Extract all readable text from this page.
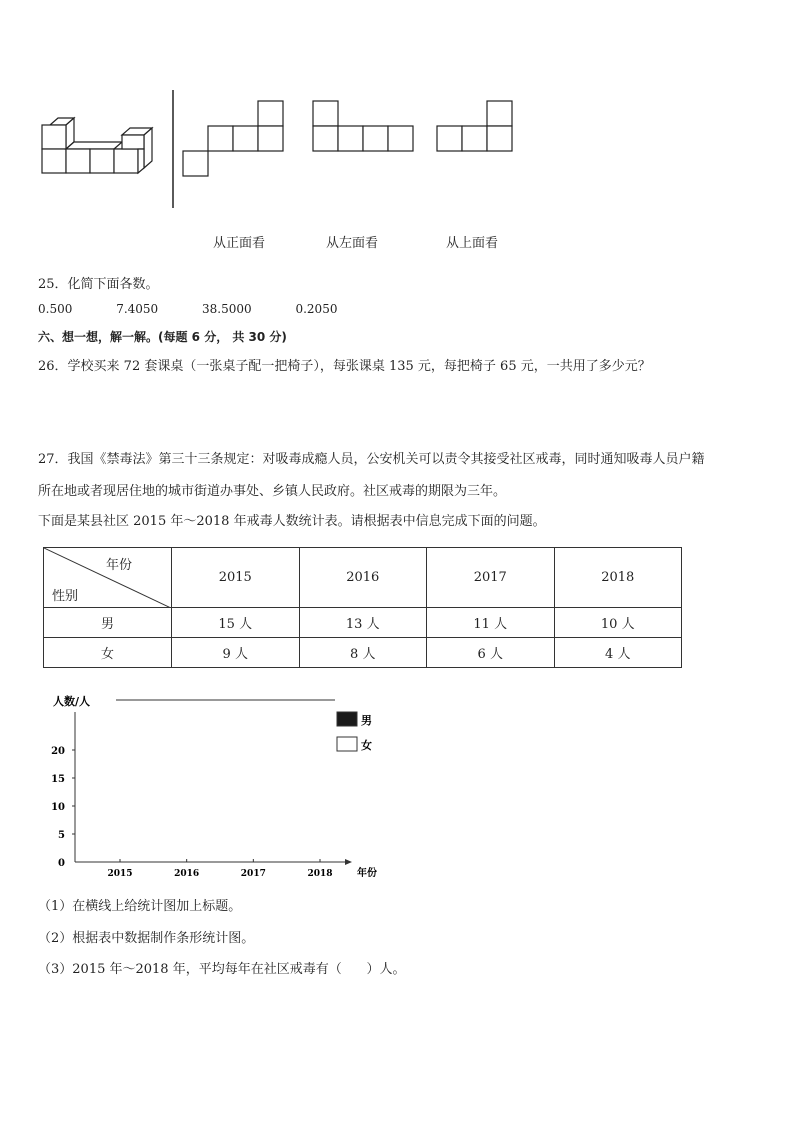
从正面看	从左面看	从上面看
25．化简下面各数。
0.500	7.4050	38.5000	0.2050
六、想一想，解一解。(每题 6 分， 共 30 分)
26．学校买来 72 套课桌（一张桌子配一把椅子），每张课桌 135 元，每把椅子 65 元，一共用了多少元？
27．我国《禁毒法》第三十三条规定：对吸毒成瘾人员，公安机关可以责令其接受社区戒毒，同时通知吸毒人员户籍
所在地或者现居住地的城市街道办事处、乡镇人民政府。社区戒毒的期限为三年。
下面是某县社区 2015 年～2018 年戒毒人数统计表。请根据表中信息完成下面的问题。
年份
性别	2015	2016	2017	2018
男	15 人	13 人	11 人	10 人
女	9 人	8 人	6 人	4 人
人数/人
0
5
10
15
20
2015	2016	2017	2018 年份
男
女
（1）在横线上给统计图加上标题。
（2）根据表中数据制作条形统计图。
（3）2015 年～2018 年，平均每年在社区戒毒有（      ）人。
